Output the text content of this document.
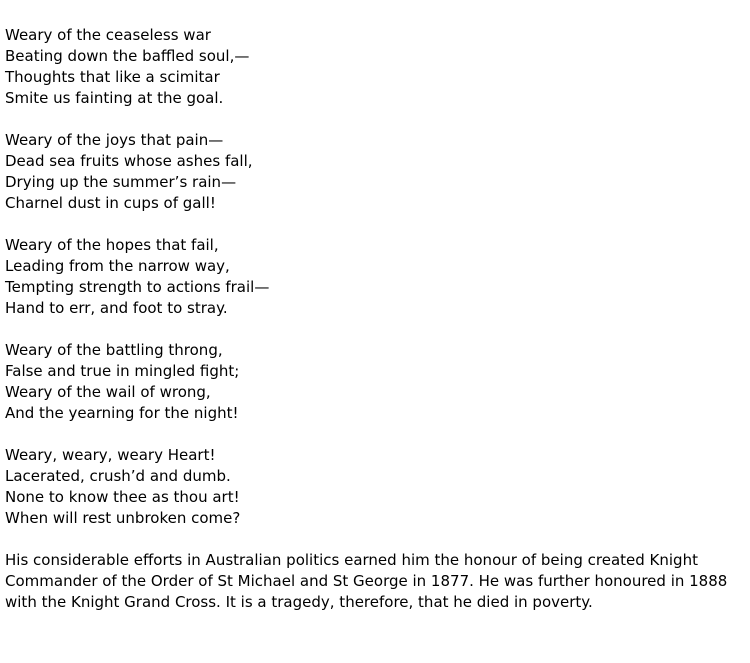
Weary of the ceaseless war
Beating down the baffled soul,—
Thoughts that like a scimitar
Smite us fainting at the goal.
Weary of the joys that pain—
Dead sea fruits whose ashes fall,
Drying up the summer’s rain—
Charnel dust in cups of gall!
Weary of the hopes that fail,
Leading from the narrow way,
Tempting strength to actions frail—
Hand to err, and foot to stray.
Weary of the battling throng,
False and true in mingled fight;
Weary of the wail of wrong,
And the yearning for the night!
Weary, weary, weary Heart!
Lacerated, crush’d and dumb.
None to know thee as thou art!
When will rest unbroken come?

His considerable efforts in Australian politics earned him the honour of being created Knight Commander of the Order of St Michael and St George in 1877. He was further honoured in 1888 with the Knight Grand Cross. It is a tragedy, therefore, that he died in poverty.
